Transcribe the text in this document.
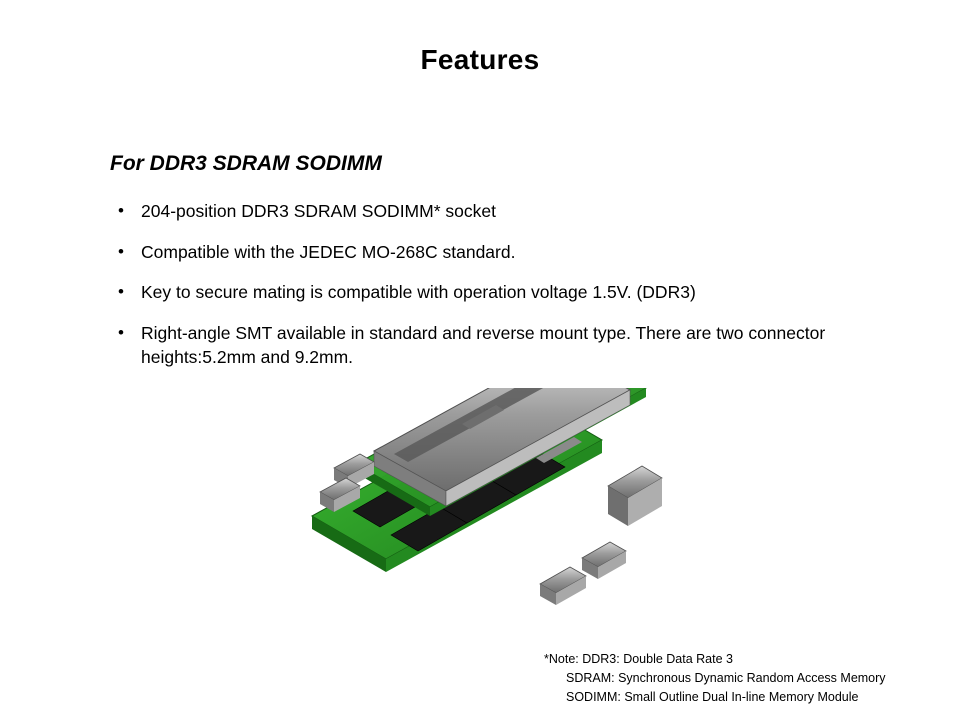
Features
For DDR3 SDRAM SODIMM
• 204-position DDR3 SDRAM SODIMM* socket
• Compatible with the JEDEC MO-268C standard.
• Key to secure mating is compatible with operation voltage 1.5V. (DDR3)
• Right-angle SMT available in standard and reverse mount type. There are two connector heights:5.2mm and 9.2mm.
*Note: DDR3: Double Data Rate 3
SDRAM: Synchronous Dynamic Random Access Memory
SODIMM: Small Outline Dual In-line Memory Module
